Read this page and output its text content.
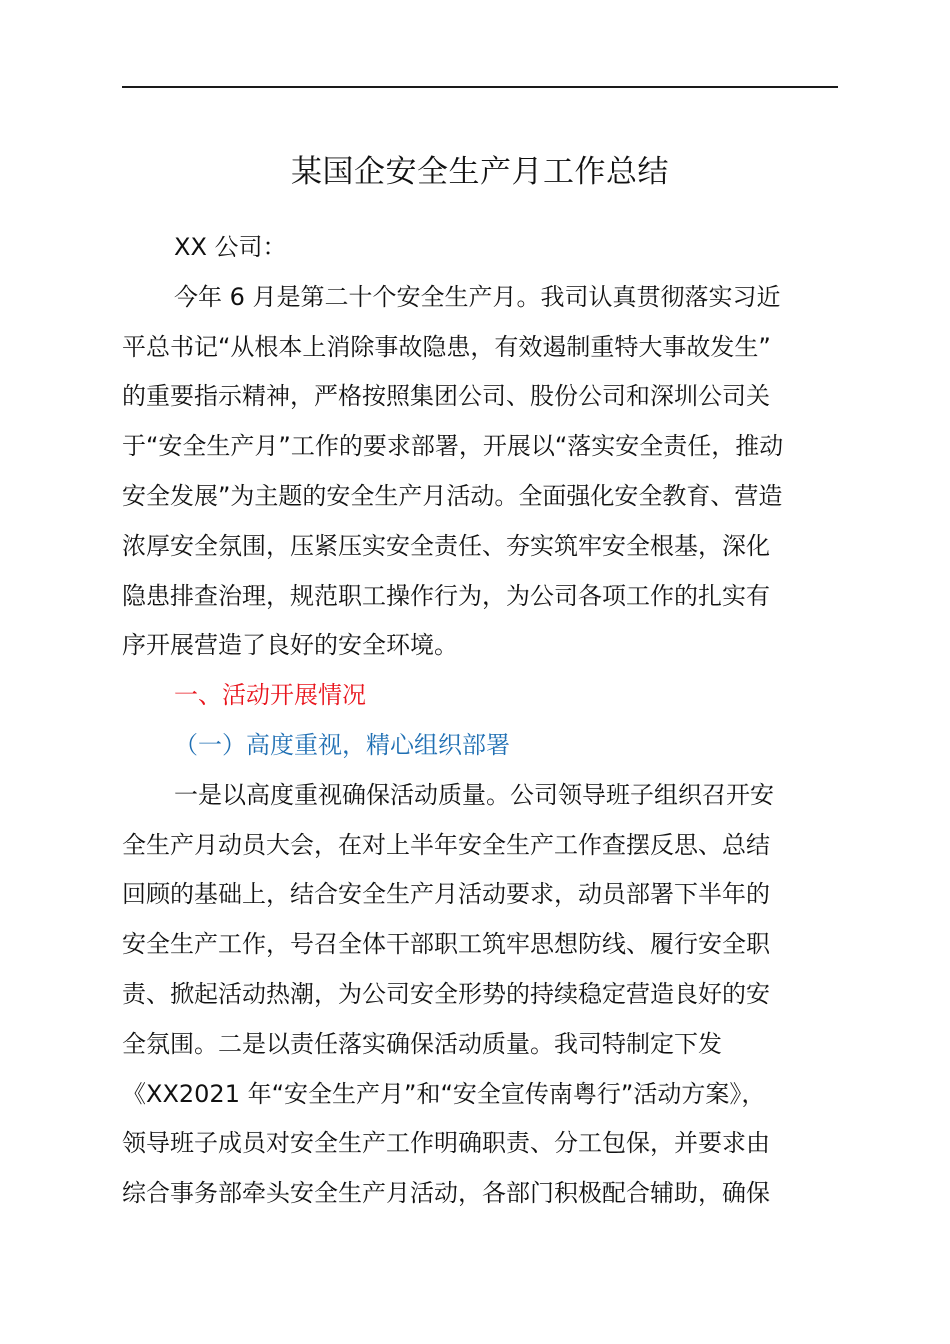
某国企安全生产月工作总结

XX 公司：

今年 6 月是第二十个安全生产月。我司认真贯彻落实习近
平总书记“从根本上消除事故隐患，有效遏制重特大事故发生”
的重要指示精神，严格按照集团公司、股份公司和深圳公司关
于“安全生产月”工作的要求部署，开展以“落实安全责任，推动
安全发展”为主题的安全生产月活动。全面强化安全教育、营造
浓厚安全氛围，压紧压实安全责任、夯实筑牢安全根基，深化
隐患排查治理，规范职工操作行为，为公司各项工作的扎实有
序开展营造了良好的安全环境。

一、活动开展情况

（一）高度重视，精心组织部署

一是以高度重视确保活动质量。公司领导班子组织召开安
全生产月动员大会，在对上半年安全生产工作查摆反思、总结
回顾的基础上，结合安全生产月活动要求，动员部署下半年的
安全生产工作，号召全体干部职工筑牢思想防线、履行安全职
责、掀起活动热潮，为公司安全形势的持续稳定营造良好的安
全氛围。二是以责任落实确保活动质量。我司特制定下发
《XX2021 年“安全生产月”和“安全宣传南粤行”活动方案》，
领导班子成员对安全生产工作明确职责、分工包保，并要求由
综合事务部牵头安全生产月活动，各部门积极配合辅助，确保
